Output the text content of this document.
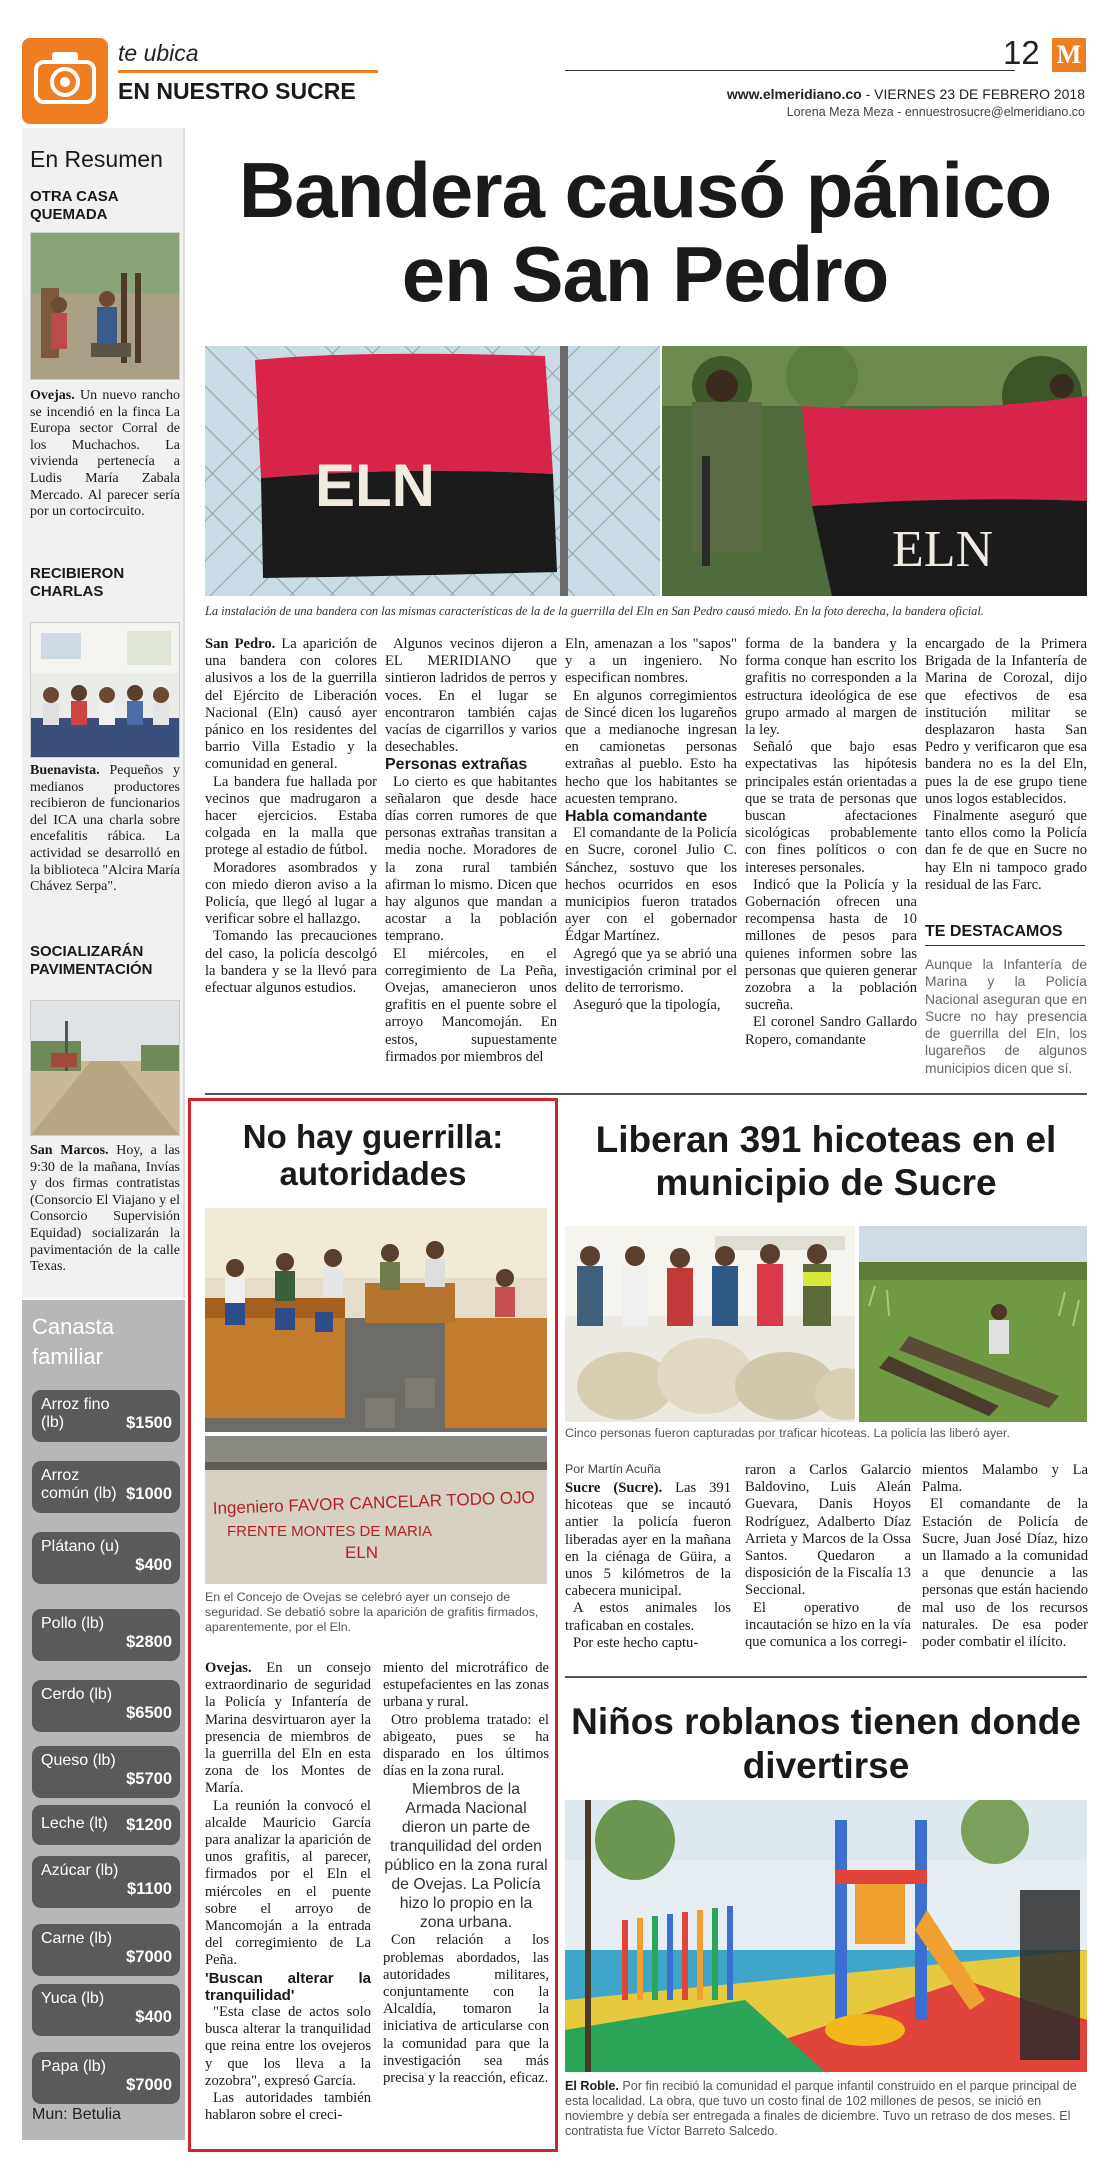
te ubica
EN NUESTRO SUCRE
12 M
www.elmeridiano.co - VIERNES 23 DE FEBRERO 2018
Lorena Meza Meza - ennuestrosucre@elmeridiano.co
En Resumen
OTRA CASA QUEMADA
Ovejas. Un nuevo rancho se incendió en la finca La Europa sector Corral de los Muchachos. La vivienda pertenecía a Ludis María Zabala Mercado. Al parecer sería por un cortocircuito.
RECIBIERON CHARLAS
Buenavista. Pequeños y medianos productores recibieron de funcionarios del ICA una charla sobre encefalitis rábica. La actividad se desarrolló en la biblioteca "Alcira María Chávez Serpa".
SOCIALIZARÁN PAVIMENTACIÓN
San Marcos. Hoy, a las 9:30 de la mañana, Invías y dos firmas contratistas (Consorcio El Viajano y el Consorcio Supervisión Equidad) socializarán la pavimentación de la calle Texas.
Canasta familiar
Arroz fino (lb)	$1500
Arroz común (lb) $1000
Plátano (u)
$400
Pollo (lb)
$2800
Cerdo (lb)
$6500
Queso (lb)
$5700
Leche (lt)	$1200
Azúcar (lb)
$1100
Carne (lb)
$7000
Yuca (lb)
$400
Papa (lb)
$7000
Mun: Betulia
Bandera causó pánico en San Pedro
ELN
ELN
La instalación de una bandera con las mismas características de la de la guerrilla del Eln en San Pedro causó miedo. En la foto derecha, la bandera oficial.

San Pedro. La aparición de una bandera con colores alusivos a los de la guerrilla del Ejército de Liberación Nacional (Eln) causó ayer pánico en los residentes del barrio Villa Estadio y la comunidad en general.

La bandera fue hallada por vecinos que madrugaron a hacer ejercicios. Estaba colgada en la malla que protege al estadio de fútbol.

Moradores asombrados y con miedo dieron aviso a la Policía, que llegó al lugar a verificar sobre el hallazgo.

Tomando las precauciones del caso, la policía descolgó la bandera y se la llevó para efectuar algunos estudios.

Algunos vecinos dijeron a EL MERIDIANO que sintieron ladridos de perros y voces. En el lugar se encontraron también cajas vacías de cigarrillos y varios desechables.

Personas extrañas

Lo cierto es que habitantes señalaron que desde hace días corren rumores de que personas extrañas transitan a media noche. Moradores de la zona rural también afirman lo mismo. Dicen que hay algunos que mandan a acostar a la población temprano.

El miércoles, en el corregimiento de La Peña, Ovejas, amanecieron unos grafitis en el puente sobre el arroyo Mancomoján. En estos, supuestamente firmados por miembros del

Eln, amenazan a los "sapos" y a un ingeniero. No especifican nombres.

En algunos corregimientos de Sincé dicen los lugareños que a medianoche ingresan en camionetas personas extrañas al pueblo. Esto ha hecho que los habitantes se acuesten temprano.

Habla comandante

El comandante de la Policía en Sucre, coronel Julio C. Sánchez, sostuvo que los hechos ocurridos en esos municipios fueron tratados ayer con el gobernador Édgar Martínez.

Agregó que ya se abrió una investigación criminal por el delito de terrorismo.

Aseguró que la tipología,

forma de la bandera y la forma conque han escrito los grafitis no corresponden a la estructura ideológica de ese grupo armado al margen de la ley.

Señaló que bajo esas expectativas las hipótesis principales están orientadas a que se trata de personas que buscan afectaciones sicológicas probablemente con fines políticos o con intereses personales.

Indicó que la Policía y la Gobernación ofrecen una recompensa hasta de 10 millones de pesos para quienes informen sobre las personas que quieren generar zozobra a la población sucreña.

El coronel Sandro Gallardo Ropero, comandante

encargado de la Primera Brigada de la Infantería de Marina de Corozal, dijo que efectivos de esa institución militar se desplazaron hasta San Pedro y verificaron que esa bandera no es la del Eln, pues la de ese grupo tiene unos logos establecidos.

Finalmente aseguró que tanto ellos como la Policía dan fe de que en Sucre no hay Eln ni tampoco grado residual de las Farc.

TE DESTACAMOS
Aunque la Infantería de Marina y la Policía Nacional aseguran que en Sucre no hay presencia de guerrilla del Eln, los lugareños de algunos municipios dicen que sí.
No hay guerrilla: autoridades
Ingeniero FAVOR CANCELAR TODO OJO
FRENTE MONTES DE MARIA
ELN
En el Concejo de Ovejas se celebró ayer un consejo de seguridad. Se debatió sobre la aparición de grafitis firmados, aparentemente, por el Eln.

Ovejas. En un consejo extraordinario de seguridad la Policía y Infantería de Marina desvirtuaron ayer la presencia de miembros de la guerrilla del Eln en esta zona de los Montes de María.

La reunión la convocó el alcalde Mauricio García para analizar la aparición de unos grafitis, al parecer, firmados por el Eln el miércoles en el puente sobre el arroyo de Mancomoján a la entrada del corregimiento de La Peña.

'Buscan alterar la tranquilidad'

"Esta clase de actos solo busca alterar la tranquilidad que reina entre los ovejeros y que los lleva a la zozobra", expresó García.

Las autoridades también hablaron sobre el creci-

miento del microtráfico de estupefacientes en las zonas urbana y rural.

Otro problema tratado: el abigeato, pues se ha disparado en los últimos días en la zona rural.

Miembros de la Armada Nacional dieron un parte de tranquilidad del orden público en la zona rural de Ovejas. La Policía hizo lo propio en la zona urbana.

Con relación a los problemas abordados, las autoridades militares, conjuntamente con la Alcaldía, tomaron la iniciativa de articularse con la comunidad para que la investigación sea más precisa y la reacción, eficaz.

Liberan 391 hicoteas en el municipio de Sucre
Cinco personas fueron capturadas por traficar hicoteas. La policía las liberó ayer.
Por Martín Acuña

Sucre (Sucre). Las 391 hicoteas que se incautó antier la policía fueron liberadas ayer en la mañana en la ciénaga de Güira, a unos 5 kilómetros de la cabecera municipal.

A estos animales los traficaban en costales.

Por este hecho captu-

raron a Carlos Galarcio Baldovino, Luis Aleán Guevara, Danis Hoyos Rodríguez, Adalberto Díaz Arrieta y Marcos de la Ossa Santos. Quedaron a disposición de la Fiscalía 13 Seccional.

El operativo de incautación se hizo en la vía que comunica a los corregi-

mientos Malambo y La Palma.

El comandante de la Estación de Policía de Sucre, Juan José Díaz, hizo un llamado a la comunidad a que denuncie a las personas que están haciendo mal uso de los recursos naturales. De esa poder poder combatir el ilícito.

Niños roblanos tienen donde divertirse
El Roble. Por fin recibió la comunidad el parque infantil construido en el parque principal de esta localidad. La obra, que tuvo un costo final de 102 millones de pesos, se inició en noviembre y debía ser entregada a finales de diciembre. Tuvo un retraso de dos meses. El contratista fue Víctor Barreto Salcedo.
